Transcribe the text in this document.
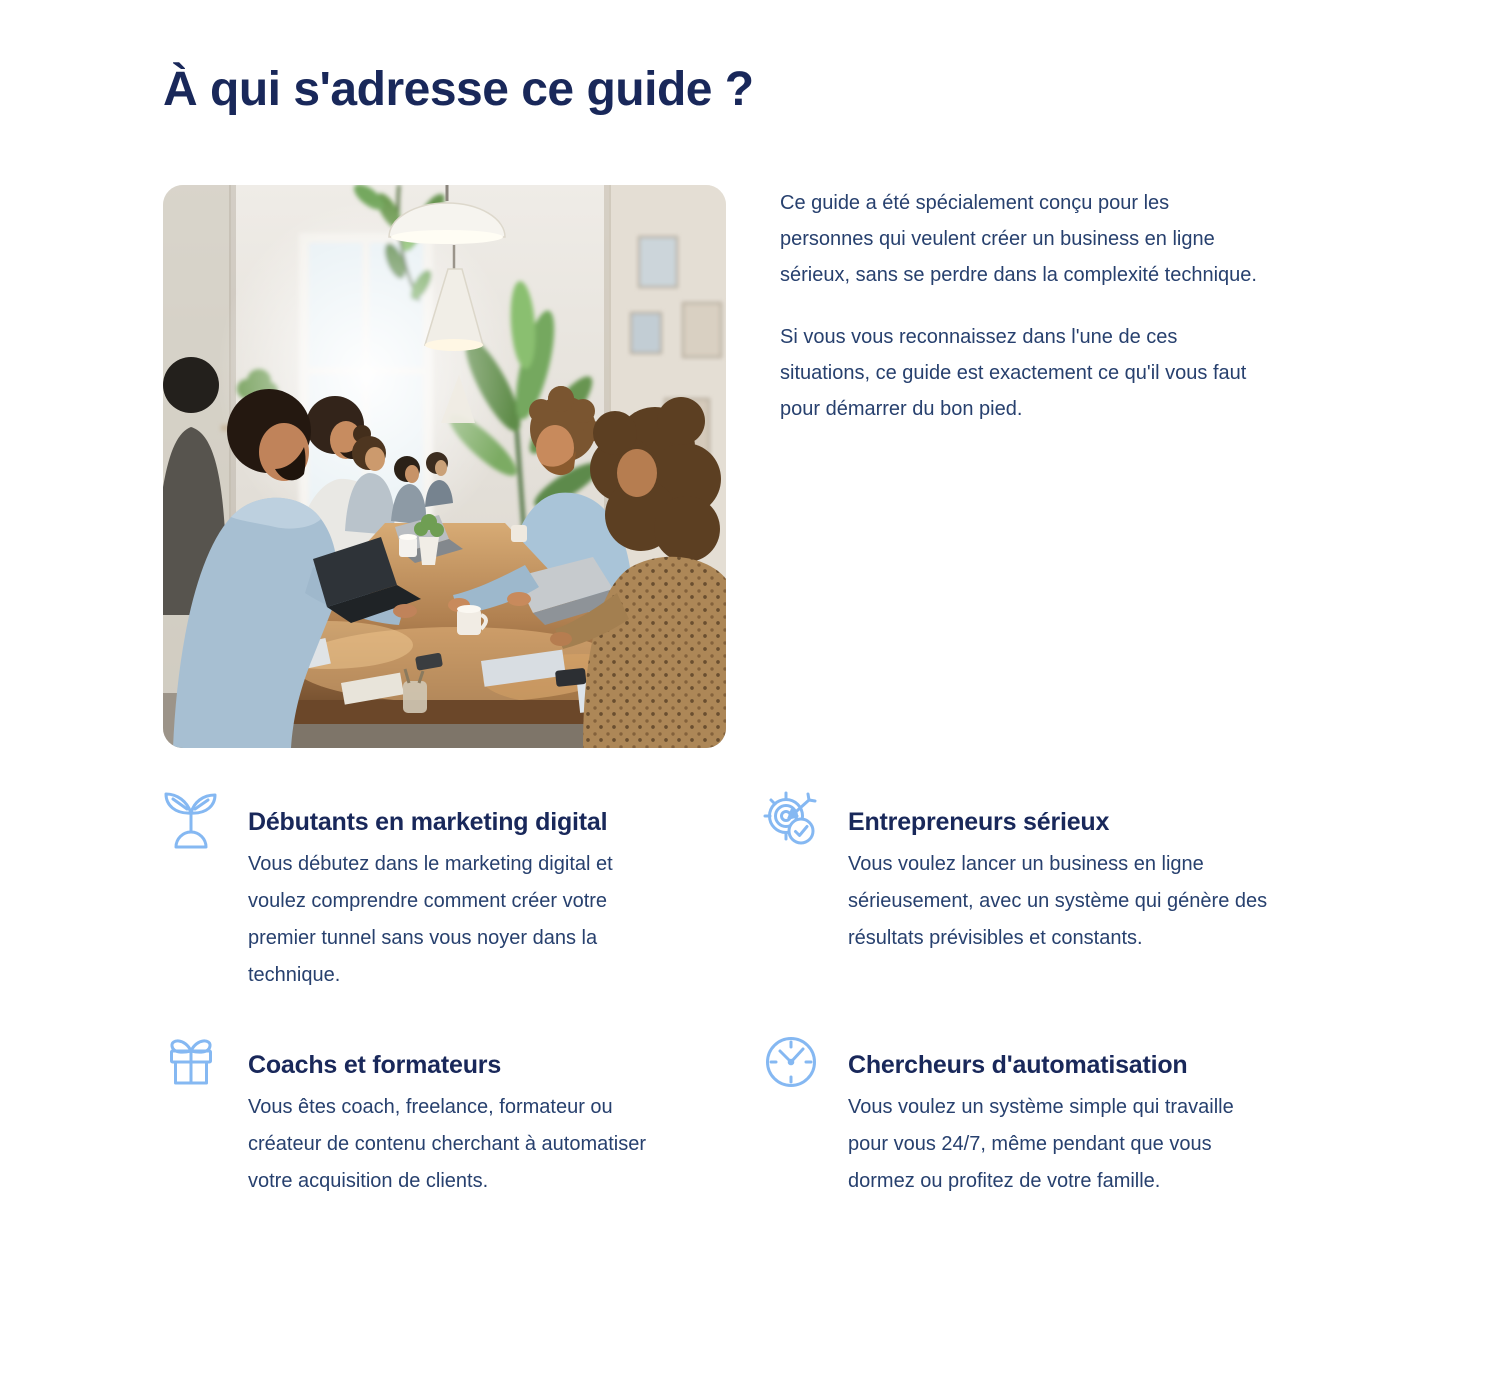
À qui s'adresse ce guide ?
Ce guide a été spécialement conçu pour les
personnes qui veulent créer un business en ligne
sérieux, sans se perdre dans la complexité technique.
Si vous vous reconnaissez dans l'une de ces
situations, ce guide est exactement ce qu'il vous faut
pour démarrer du bon pied.
Débutants en marketing digital
Vous débutez dans le marketing digital et
voulez comprendre comment créer votre
premier tunnel sans vous noyer dans la
technique.
Entrepreneurs sérieux
Vous voulez lancer un business en ligne
sérieusement, avec un système qui génère des
résultats prévisibles et constants.
Coachs et formateurs
Vous êtes coach, freelance, formateur ou
créateur de contenu cherchant à automatiser
votre acquisition de clients.
Chercheurs d'automatisation
Vous voulez un système simple qui travaille
pour vous 24/7, même pendant que vous
dormez ou profitez de votre famille.
